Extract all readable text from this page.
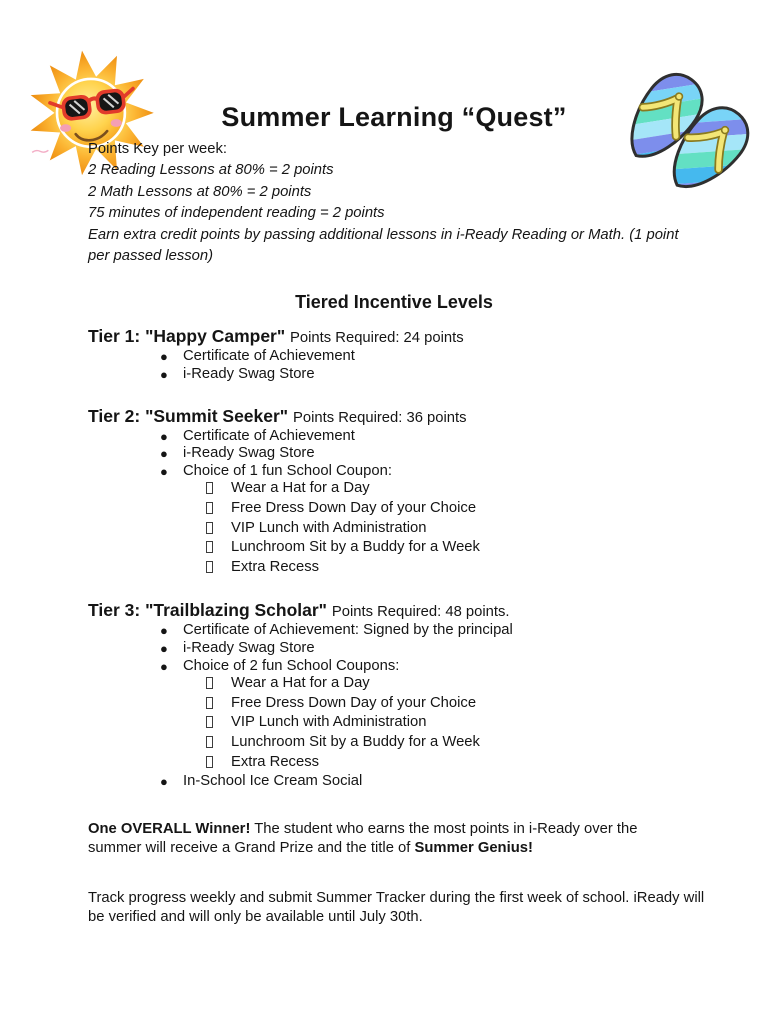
Summer Learning “Quest”
Points Key per week:
2 Reading Lessons at 80% = 2 points
2 Math Lessons at 80% = 2 points
75 minutes of independent reading = 2 points
Earn extra credit points by passing additional lessons in i-Ready Reading or Math. (1 point per passed lesson)
Tiered Incentive Levels
Tier 1: "Happy Camper" Points Required: 24 points
●	Certificate of Achievement
●	i-Ready Swag Store
Tier 2: "Summit Seeker" Points Required: 36 points
●	Certificate of Achievement
●	i-Ready Swag Store
●	Choice of 1 fun School Coupon:
Wear a Hat for a Day
Free Dress Down Day of your Choice
VIP Lunch with Administration
Lunchroom Sit by a Buddy for a Week
Extra Recess
Tier 3: "Trailblazing Scholar" Points Required: 48 points.
●	Certificate of Achievement: Signed by the principal
●	i-Ready Swag Store
●	Choice of 2 fun School Coupons:
Wear a Hat for a Day
Free Dress Down Day of your Choice
VIP Lunch with Administration
Lunchroom Sit by a Buddy for a Week
Extra Recess
●	In-School Ice Cream Social

One OVERALL Winner! The student who earns the most points in i-Ready over the summer will receive a Grand Prize and the title of Summer Genius!

Track progress weekly and submit Summer Tracker during the first week of school. iReady will be verified and will only be available until July 30th.
